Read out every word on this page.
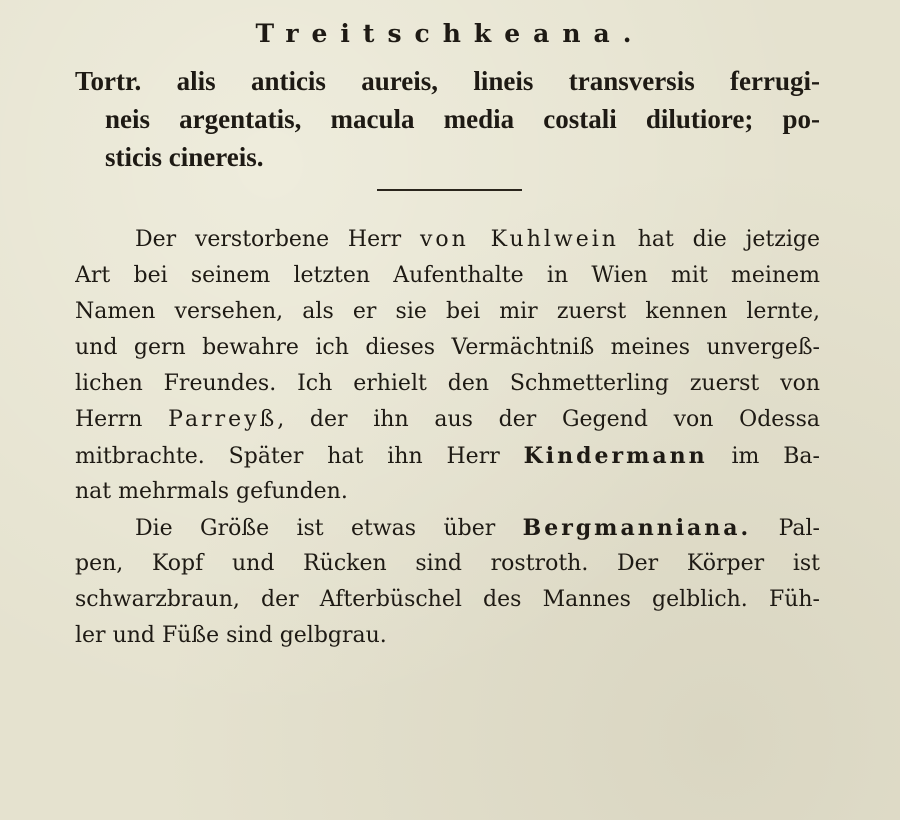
Treitschkeana.
Tortr. alis anticis aureis, lineis transversis ferrugi-
neis argentatis, macula media costali dilutiore; po-
sticis cinereis.
Der verstorbene Herr von Kuhlwein hat die jetzige
Art bei seinem letzten Aufenthalte in Wien mit meinem
Namen versehen, als er sie bei mir zuerst kennen lernte,
und gern bewahre ich dieses Vermächtniß meines unvergeß-
lichen Freundes. Ich erhielt den Schmetterling zuerst von
Herrn Parreyß, der ihn aus der Gegend von Odessa
mitbrachte. Später hat ihn Herr Kindermann im Ba-
nat mehrmals gefunden.
Die Größe ist etwas über Bergmanniana. Pal-
pen, Kopf und Rücken sind rostroth. Der Körper ist
schwarzbraun, der Afterbüschel des Mannes gelblich. Füh-
ler und Füße sind gelbgrau.
